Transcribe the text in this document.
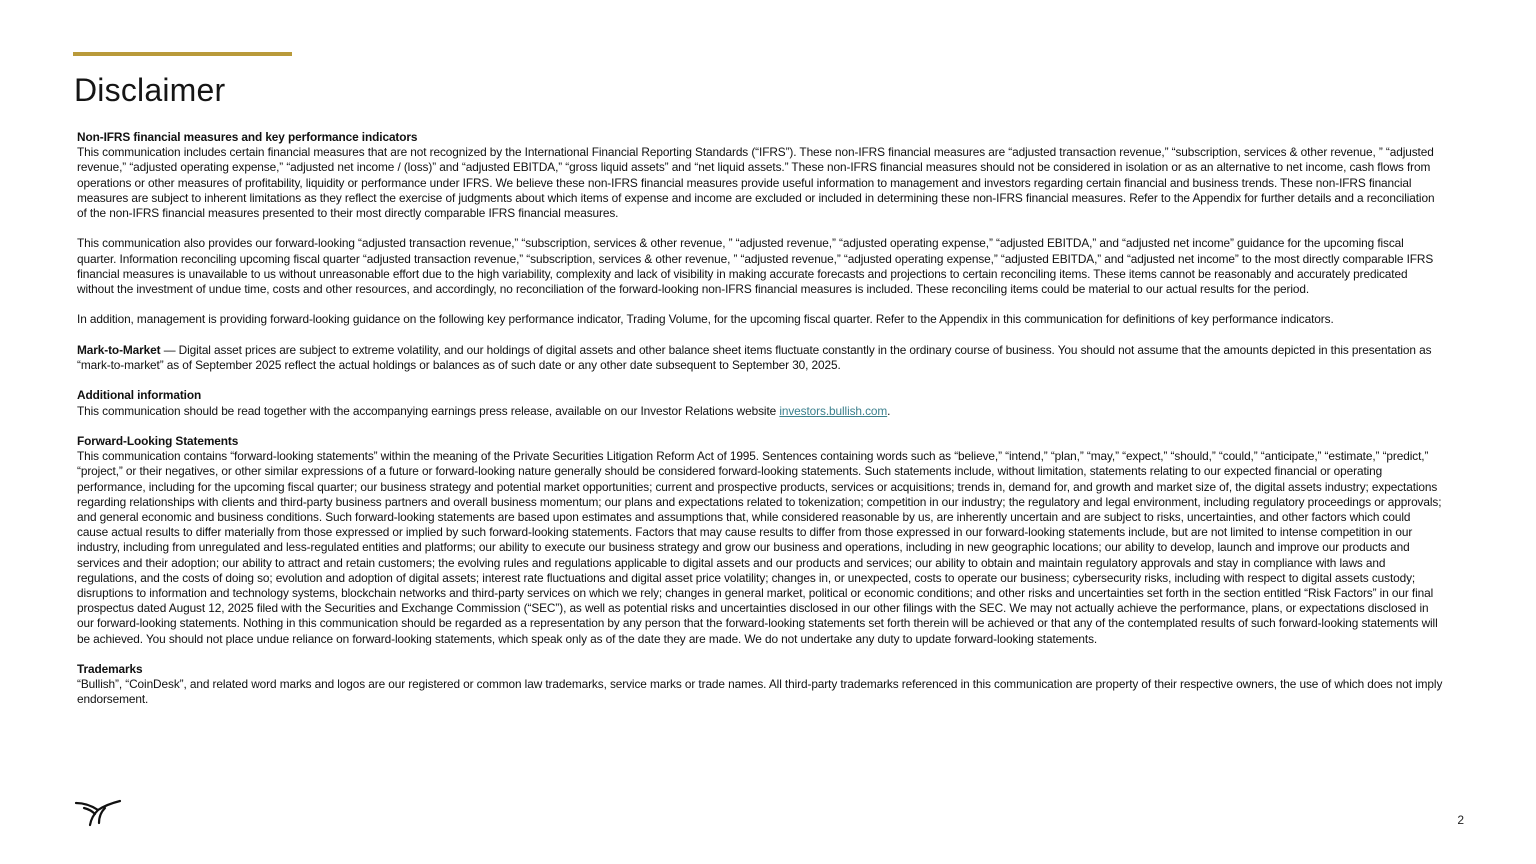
Disclaimer

Non-IFRS financial measures and key performance indicators
This communication includes certain financial measures that are not recognized by the International Financial Reporting Standards (“IFRS”). These non-IFRS financial measures are “adjusted transaction revenue,” “subscription, services & other revenue, ” “adjusted revenue,” “adjusted operating expense,” “adjusted net income / (loss)” and “adjusted EBITDA,” “gross liquid assets” and “net liquid assets.” These non-IFRS financial measures should not be considered in isolation or as an alternative to net income, cash flows from operations or other measures of profitability, liquidity or performance under IFRS. We believe these non-IFRS financial measures provide useful information to management and investors regarding certain financial and business trends. These non-IFRS financial measures are subject to inherent limitations as they reflect the exercise of judgments about which items of expense and income are excluded or included in determining these non-IFRS financial measures. Refer to the Appendix for further details and a reconciliation of the non-IFRS financial measures presented to their most directly comparable IFRS financial measures.

This communication also provides our forward-looking “adjusted transaction revenue,” “subscription, services & other revenue, ” “adjusted revenue,” “adjusted operating expense,” “adjusted EBITDA,” and “adjusted net income” guidance for the upcoming fiscal quarter. Information reconciling upcoming fiscal quarter “adjusted transaction revenue,” “subscription, services & other revenue, ” “adjusted revenue,” “adjusted operating expense,” “adjusted EBITDA,” and “adjusted net income” to the most directly comparable IFRS financial measures is unavailable to us without unreasonable effort due to the high variability, complexity and lack of visibility in making accurate forecasts and projections to certain reconciling items. These items cannot be reasonably and accurately predicated without the investment of undue time, costs and other resources, and accordingly, no reconciliation of the forward-looking non-IFRS financial measures is included. These reconciling items could be material to our actual results for the period.

In addition, management is providing forward-looking guidance on the following key performance indicator, Trading Volume, for the upcoming fiscal quarter. Refer to the Appendix in this communication for definitions of key performance indicators.

Mark-to-Market — Digital asset prices are subject to extreme volatility, and our holdings of digital assets and other balance sheet items fluctuate constantly in the ordinary course of business. You should not assume that the amounts depicted in this presentation as “mark-to-market” as of September 2025 reflect the actual holdings or balances as of such date or any other date subsequent to September 30, 2025.

Additional information

This communication should be read together with the accompanying earnings press release, available on our Investor Relations website investors.bullish.com.

Forward-Looking Statements

This communication contains “forward-looking statements” within the meaning of the Private Securities Litigation Reform Act of 1995. Sentences containing words such as “believe,” “intend,” “plan,” “may,” “expect,” “should,” “could,” “anticipate,” “estimate,” “predict,” “project,” or their negatives, or other similar expressions of a future or forward-looking nature generally should be considered forward-looking statements. Such statements include, without limitation, statements relating to our expected financial or operating performance, including for the upcoming fiscal quarter; our business strategy and potential market opportunities; current and prospective products, services or acquisitions; trends in, demand for, and growth and market size of, the digital assets industry; expectations regarding relationships with clients and third-party business partners and overall business momentum; our plans and expectations related to tokenization; competition in our industry; the regulatory and legal environment, including regulatory proceedings or approvals; and general economic and business conditions. Such forward-looking statements are based upon estimates and assumptions that, while considered reasonable by us, are inherently uncertain and are subject to risks, uncertainties, and other factors which could cause actual results to differ materially from those expressed or implied by such forward-looking statements. Factors that may cause results to differ from those expressed in our forward-looking statements include, but are not limited to intense competition in our industry, including from unregulated and less-regulated entities and platforms; our ability to execute our business strategy and grow our business and operations, including in new geographic locations; our ability to develop, launch and improve our products and services and their adoption; our ability to attract and retain customers; the evolving rules and regulations applicable to digital assets and our products and services; our ability to obtain and maintain regulatory approvals and stay in compliance with laws and regulations, and the costs of doing so; evolution and adoption of digital assets; interest rate fluctuations and digital asset price volatility; changes in, or unexpected, costs to operate our business; cybersecurity risks, including with respect to digital assets custody; disruptions to information and technology systems, blockchain networks and third-party services on which we rely; changes in general market, political or economic conditions; and other risks and uncertainties set forth in the section entitled “Risk Factors” in our final prospectus dated August 12, 2025 filed with the Securities and Exchange Commission (“SEC”), as well as potential risks and uncertainties disclosed in our other filings with the SEC. We may not actually achieve the performance, plans, or expectations disclosed in our forward-looking statements. Nothing in this communication should be regarded as a representation by any person that the forward-looking statements set forth therein will be achieved or that any of the contemplated results of such forward-looking statements will be achieved. You should not place undue reliance on forward-looking statements, which speak only as of the date they are made. We do not undertake any duty to update forward-looking statements.

Trademarks

“Bullish”, “CoinDesk”, and related word marks and logos are our registered or common law trademarks, service marks or trade names. All third-party trademarks referenced in this communication are property of their respective owners, the use of which does not imply endorsement.

2
